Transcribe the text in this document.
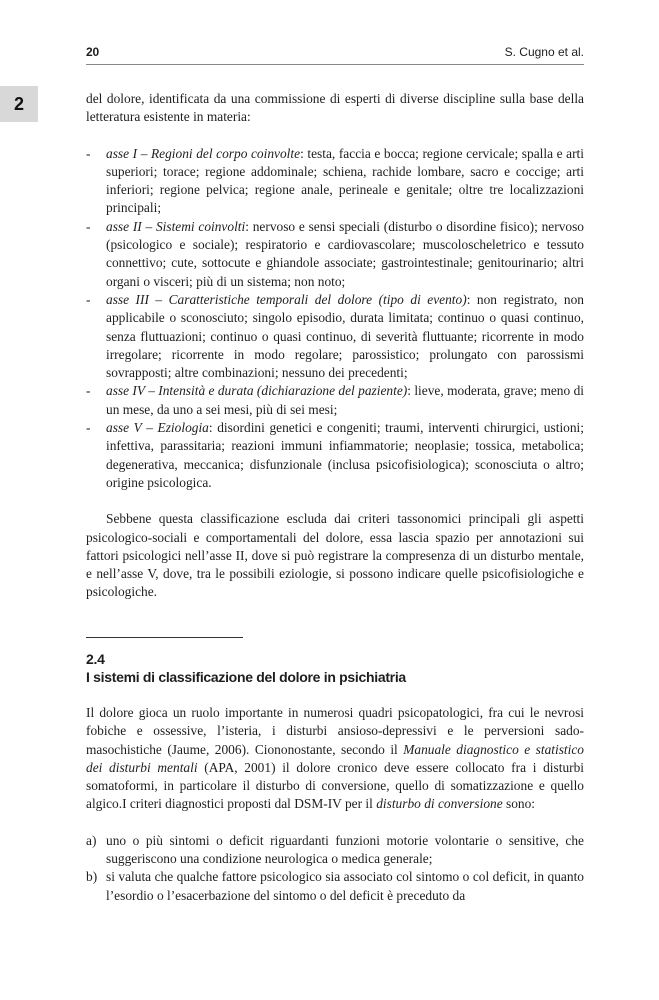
20	S. Cugno et al.
2	del dolore, identificata da una commissione di esperti di diverse discipline sulla base della letteratura esistente in materia:

- asse I – Regioni del corpo coinvolte: testa, faccia e bocca; regione cervicale; spalla e arti superiori; torace; regione addominale; schiena, rachide lombare, sacro e coccige; arti inferiori; regione pelvica; regione anale, perineale e genitale; oltre tre localizzazioni principali;
- asse II – Sistemi coinvolti: nervoso e sensi speciali (disturbo o disordine fisico); nervoso (psicologico e sociale); respiratorio e cardiovascolare; muscoloscheletrico e tessuto connettivo; cute, sottocute e ghiandole associate; gastrointestinale; genitourinario; altri organi o visceri; più di un sistema; non noto;
- asse III – Caratteristiche temporali del dolore (tipo di evento): non registrato, non applicabile o sconosciuto; singolo episodio, durata limitata; continuo o quasi continuo, senza fluttuazioni; continuo o quasi continuo, di severità fluttuante; ricorrente in modo irregolare; ricorrente in modo regolare; parossistico; prolungato con parossismi sovrapposti; altre combinazioni; nessuno dei precedenti;
- asse IV – Intensità e durata (dichiarazione del paziente): lieve, moderata, grave; meno di un mese, da uno a sei mesi, più di sei mesi;
- asse V – Eziologia: disordini genetici e congeniti; traumi, interventi chirurgici, ustioni; infettiva, parassitaria; reazioni immuni infiammatorie; neoplasie; tossica, metabolica; degenerativa, meccanica; disfunzionale (inclusa psicofisiologica); sconosciuta o altro; origine psicologica.

Sebbene questa classificazione escluda dai criteri tassonomici principali gli aspetti psicologico-sociali e comportamentali del dolore, essa lascia spazio per annotazioni sui fattori psicologici nell’asse II, dove si può registrare la compresenza di un disturbo mentale, e nell’asse V, dove, tra le possibili eziologie, si possono indicare quelle psicofisiologiche e psicologiche.

2.4
I sistemi di classificazione del dolore in psichiatria

Il dolore gioca un ruolo importante in numerosi quadri psicopatologici, fra cui le nevrosi fobiche e ossessive, l’isteria, i disturbi ansioso-depressivi e le perversioni sado-masochistiche (Jaume, 2006). Ciononostante, secondo il Manuale diagnostico e statistico dei disturbi mentali (APA, 2001) il dolore cronico deve essere collocato fra i disturbi somatoformi, in particolare il disturbo di conversione, quello di somatizzazione e quello algico.I criteri diagnostici proposti dal DSM-IV per il disturbo di conversione sono:

a) uno o più sintomi o deficit riguardanti funzioni motorie volontarie o sensitive, che suggeriscono una condizione neurologica o medica generale;
b) si valuta che qualche fattore psicologico sia associato col sintomo o col deficit, in quanto l’esordio o l’esacerbazione del sintomo o del deficit è preceduto da
